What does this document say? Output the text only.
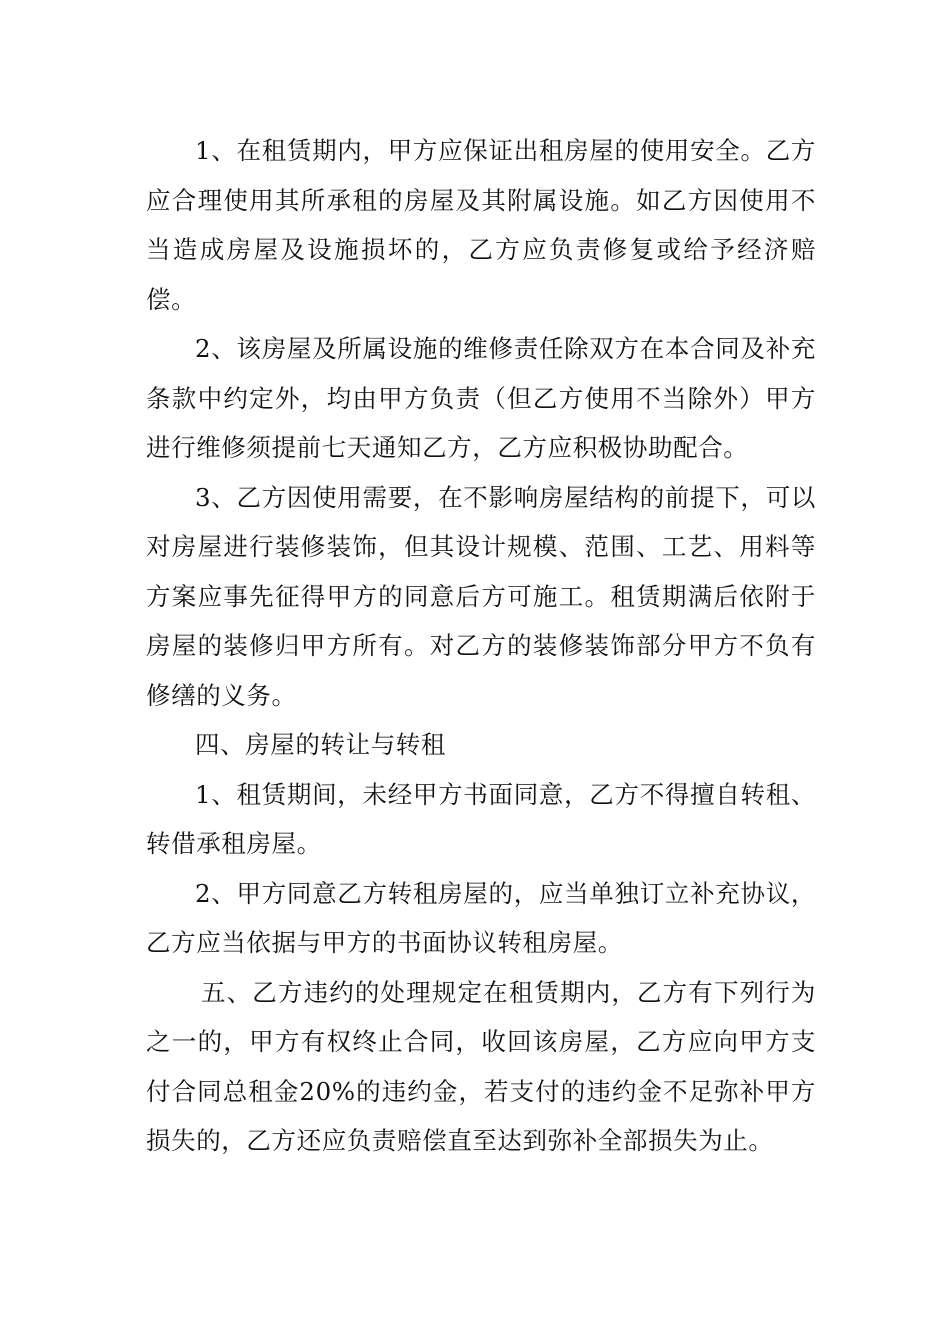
1、在租赁期内，甲方应保证出租房屋的使用安全。乙方应合理使用其所承租的房屋及其附属设施。如乙方因使用不当造成房屋及设施损坏的，乙方应负责修复或给予经济赔偿。

2、该房屋及所属设施的维修责任除双方在本合同及补充条款中约定外，均由甲方负责（但乙方使用不当除外）甲方进行维修须提前七天通知乙方，乙方应积极协助配合。

3、乙方因使用需要，在不影响房屋结构的前提下，可以对房屋进行装修装饰，但其设计规模、范围、工艺、用料等方案应事先征得甲方的同意后方可施工。租赁期满后依附于房屋的装修归甲方所有。对乙方的装修装饰部分甲方不负有修缮的义务。

四、房屋的转让与转租

1、租赁期间，未经甲方书面同意，乙方不得擅自转租、转借承租房屋。

2、甲方同意乙方转租房屋的，应当单独订立补充协议，乙方应当依据与甲方的书面协议转租房屋。

五、乙方违约的处理规定在租赁期内，乙方有下列行为之一的，甲方有权终止合同，收回该房屋，乙方应向甲方支付合同总租金20%的违约金，若支付的违约金不足弥补甲方损失的，乙方还应负责赔偿直至达到弥补全部损失为止。
